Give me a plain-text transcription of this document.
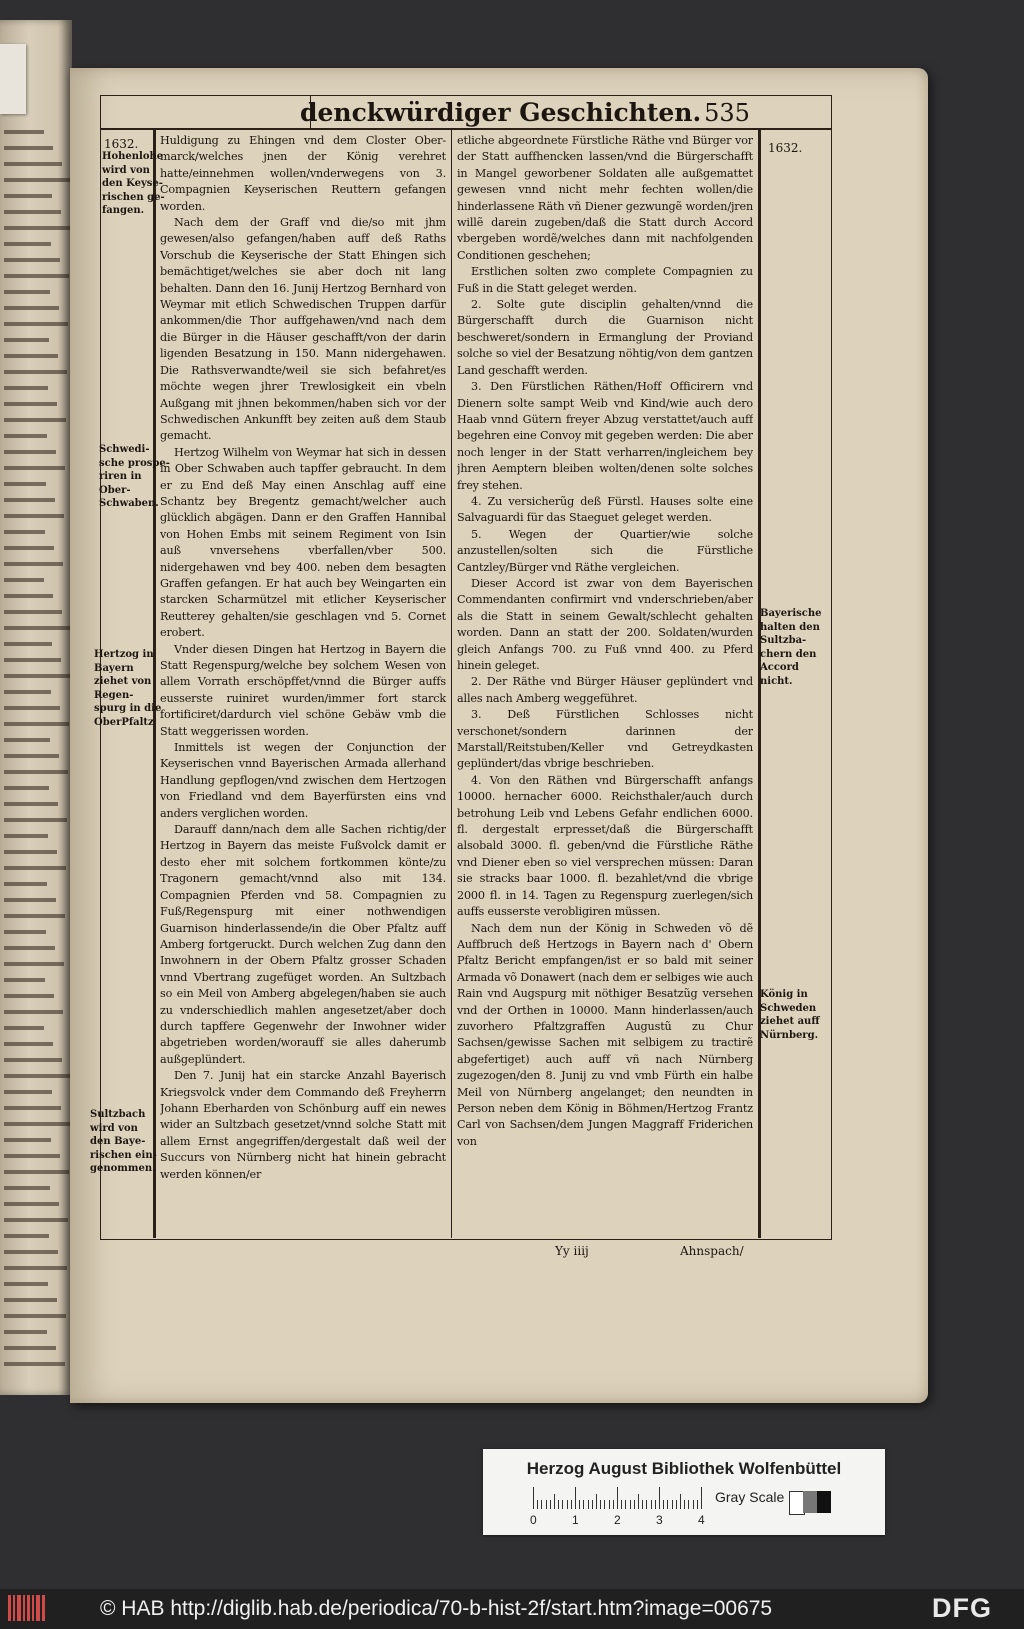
denckwürdiger Geschichten. 535
1632.	1632.
Hohenlohe
wird von
den Keyse-
rischen ge-
fangen.
Schwedi-
sche prospe-
riren in
Ober-
Schwaben.
Hertzog in
Bayern
ziehet von
Regen-
spurg in die
OberPfaltz
Sultzbach
wird von
den Baye-
rischen ein-
genommen.
Bayerische
halten den
Sultzba-
chern den
Accord
nicht.
König in
Schweden
ziehet auff
Nürnberg.

Huldigung zu Ehingen vnd dem Closter Ober-marck/welches jnen der König verehret hatte/einnehmen wollen/vnderwegens von 3. Compagnien Keyserischen Reuttern gefangen worden.

Nach dem der Graff vnd die/so mit jhm gewesen/also gefangen/haben auff deß Raths Vorschub die Keyserische der Statt Ehingen sich bemächtiget/welches sie aber doch nit lang behalten. Dann den 16. Junij Hertzog Bernhard von Weymar mit etlich Schwedischen Truppen darfür ankommen/die Thor auffgehawen/vnd nach dem die Bürger in die Häuser geschafft/von der darin ligenden Besatzung in 150. Mann nidergehawen. Die Rathsverwandte/weil sie sich befahret/es möchte wegen jhrer Trewlosigkeit ein vbeln Außgang mit jhnen bekommen/haben sich vor der Schwedischen Ankunfft bey zeiten auß dem Staub gemacht.

Hertzog Wilhelm von Weymar hat sich in dessen in Ober Schwaben auch tapffer gebraucht. In dem er zu End deß May einen Anschlag auff eine Schantz bey Bregentz gemacht/welcher auch glücklich abgägen. Dann er den Graffen Hannibal von Hohen Embs mit seinem Regiment von Isin auß vnversehens vberfallen/vber 500. nidergehawen vnd bey 400. neben dem besagten Graffen gefangen. Er hat auch bey Weingarten ein starcken Scharmützel mit etlicher Keyserischer Reutterey gehalten/sie geschlagen vnd 5. Cornet erobert.

Vnder diesen Dingen hat Hertzog in Bayern die Statt Regenspurg/welche bey solchem Wesen von allem Vorrath erschöpffet/vnnd die Bürger auffs eusserste ruiniret wurden/immer fort starck fortificiret/dardurch viel schöne Gebäw vmb die Statt weggerissen worden.

Inmittels ist wegen der Conjunction der Keyserischen vnnd Bayerischen Armada allerhand Handlung gepflogen/vnd zwischen dem Hertzogen von Friedland vnd dem Bayerfürsten eins vnd anders verglichen worden.

Darauff dann/nach dem alle Sachen richtig/der Hertzog in Bayern das meiste Fußvolck damit er desto eher mit solchem fortkommen könte/zu Tragonern gemacht/vnnd also mit 134. Compagnien Pferden vnd 58. Compagnien zu Fuß/Regenspurg mit einer nothwendigen Guarnison hinderlassende/in die Ober Pfaltz auff Amberg fortgeruckt. Durch welchen Zug dann den Inwohnern in der Obern Pfaltz grosser Schaden vnnd Vbertrang zugefüget worden. An Sultzbach so ein Meil von Amberg abgelegen/haben sie auch zu vnderschiedlich mahlen angesetzet/aber doch durch tapffere Gegenwehr der Inwohner wider abgetrieben worden/worauff sie alles daherumb außgeplündert.

Den 7. Junij hat ein starcke Anzahl Bayerisch Kriegsvolck vnder dem Commando deß Freyherrn Johann Eberharden von Schönburg auff ein newes wider an Sultzbach gesetzet/vnnd solche Statt mit allem Ernst angegriffen/dergestalt daß weil der Succurs von Nürnberg nicht hat hinein gebracht werden können/er

etliche abgeordnete Fürstliche Räthe vnd Bürger vor der Statt auffhencken lassen/vnd die Bürgerschafft in Mangel geworbener Soldaten alle außgemattet gewesen vnnd nicht mehr fechten wollen/die hinderlassene Räth vñ Diener gezwungẽ worden/jren willẽ darein zugeben/daß die Statt durch Accord vbergeben wordẽ/welches dann mit nachfolgenden Conditionen geschehen;

Erstlichen solten zwo complete Compagnien zu Fuß in die Statt geleget werden.

2. Solte gute disciplin gehalten/vnnd die Bürgerschafft durch die Guarnison nicht beschweret/sondern in Ermanglung der Proviand solche so viel der Besatzung nöhtig/von dem gantzen Land geschafft werden.

3. Den Fürstlichen Räthen/Hoff Officirern vnd Dienern solte sampt Weib vnd Kind/wie auch dero Haab vnnd Gütern freyer Abzug verstattet/auch auff begehren eine Convoy mit gegeben werden: Die aber noch lenger in der Statt verharren/ingleichem bey jhren Aemptern bleiben wolten/denen solte solches frey stehen.

4. Zu versicherũg deß Fürstl. Hauses solte eine Salvaguardi für das Staeguet geleget werden.

5. Wegen der Quartier/wie solche anzustellen/solten sich die Fürstliche Cantzley/Bürger vnd Räthe vergleichen.

Dieser Accord ist zwar von dem Bayerischen Commendanten confirmirt vnd vnderschrieben/aber als die Statt in seinem Gewalt/schlecht gehalten worden. Dann an statt der 200. Soldaten/wurden gleich Anfangs 700. zu Fuß vnnd 400. zu Pferd hinein geleget.

2. Der Räthe vnd Bürger Häuser geplündert vnd alles nach Amberg weggeführet.

3. Deß Fürstlichen Schlosses nicht verschonet/sondern darinnen der Marstall/Reitstuben/Keller vnd Getreydkasten geplündert/das vbrige beschrieben.

4. Von den Räthen vnd Bürgerschafft anfangs 10000. hernacher 6000. Reichsthaler/auch durch betrohung Leib vnd Lebens Gefahr endlichen 6000. fl. dergestalt erpresset/daß die Bürgerschafft alsobald 3000. fl. geben/vnd die Fürstliche Räthe vnd Diener eben so viel versprechen müssen: Daran sie stracks baar 1000. fl. bezahlet/vnd die vbrige 2000 fl. in 14. Tagen zu Regenspurg zuerlegen/sich auffs eusserste verobligiren müssen.

Nach dem nun der König in Schweden võ dẽ Auffbruch deß Hertzogs in Bayern nach d' Obern Pfaltz Bericht empfangen/ist er so bald mit seiner Armada võ Donawert (nach dem er selbiges wie auch Rain vnd Augspurg mit nöthiger Besatzũg versehen vnd der Orthen in 10000. Mann hinderlassen/auch zuvorhero Pfaltzgraffen Augustũ zu Chur Sachsen/gewisse Sachen mit selbigem zu tractirẽ abgefertiget) auch auff vñ nach Nürnberg zugezogen/den 8. Junij zu vnd vmb Fürth ein halbe Meil von Nürnberg angelanget; den neundten in Person neben dem König in Böhmen/Hertzog Frantz Carl von Sachsen/dem Jungen Maggraff Friderichen von

Yy iiij	Ahnspach/
Herzog August Bibliothek Wolfenbüttel
0	1	2	3	4
Gray Scale
© HAB http://diglib.hab.de/periodica/70-b-hist-2f/start.htm?image=00675	DFG
